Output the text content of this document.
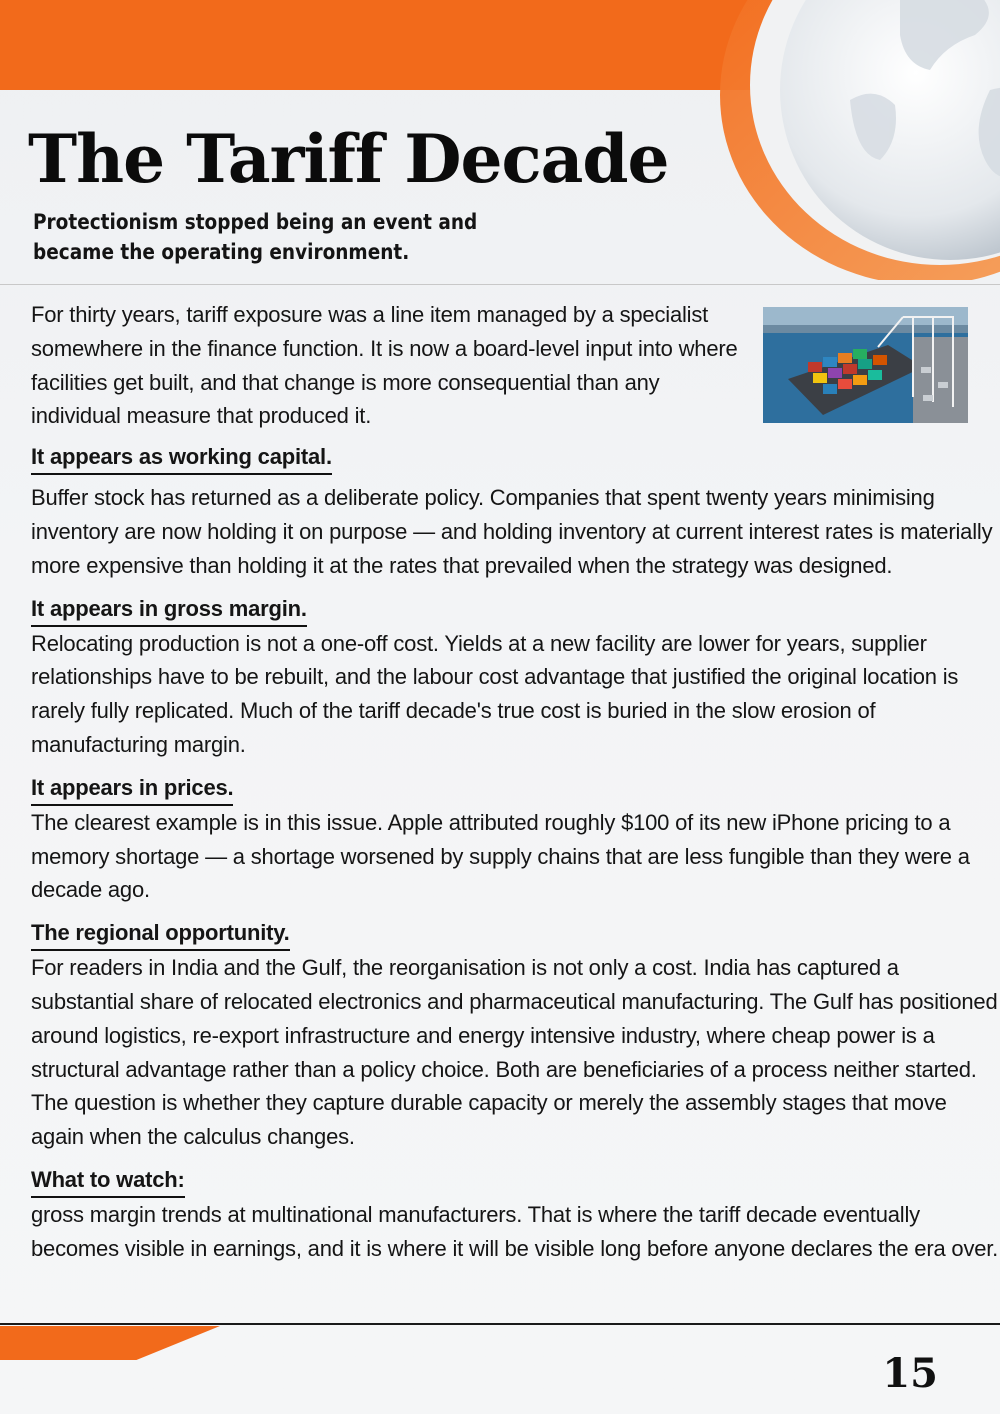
The Tariff Decade

Protectionism stopped being an event and became the operating environment.

For thirty years, tariff exposure was a line item managed by a specialist somewhere in the finance function. It is now a board-level input into where facilities get built, and that change is more consequential than any individual measure that produced it.

It appears as working capital.

Buffer stock has returned as a deliberate policy. Companies that spent twenty years minimising inventory are now holding it on purpose — and holding inventory at current interest rates is materially more expensive than holding it at the rates that prevailed when the strategy was designed.

It appears in gross margin.

Relocating production is not a one-off cost. Yields at a new facility are lower for years, supplier relationships have to be rebuilt, and the labour cost advantage that justified the original location is rarely fully replicated. Much of the tariff decade's true cost is buried in the slow erosion of manufacturing margin.

It appears in prices.

The clearest example is in this issue. Apple attributed roughly $100 of its new iPhone pricing to a memory shortage — a shortage worsened by supply chains that are less fungible than they were a decade ago.

The regional opportunity.

For readers in India and the Gulf, the reorganisation is not only a cost. India has captured a substantial share of relocated electronics and pharmaceutical manufacturing. The Gulf has positioned around logistics, re-export infrastructure and energy intensive industry, where cheap power is a structural advantage rather than a policy choice. Both are beneficiaries of a process neither started. The question is whether they capture durable capacity or merely the assembly stages that move again when the calculus changes.

What to watch:

gross margin trends at multinational manufacturers. That is where the tariff decade eventually becomes visible in earnings, and it is where it will be visible long before anyone declares the era over.

15
